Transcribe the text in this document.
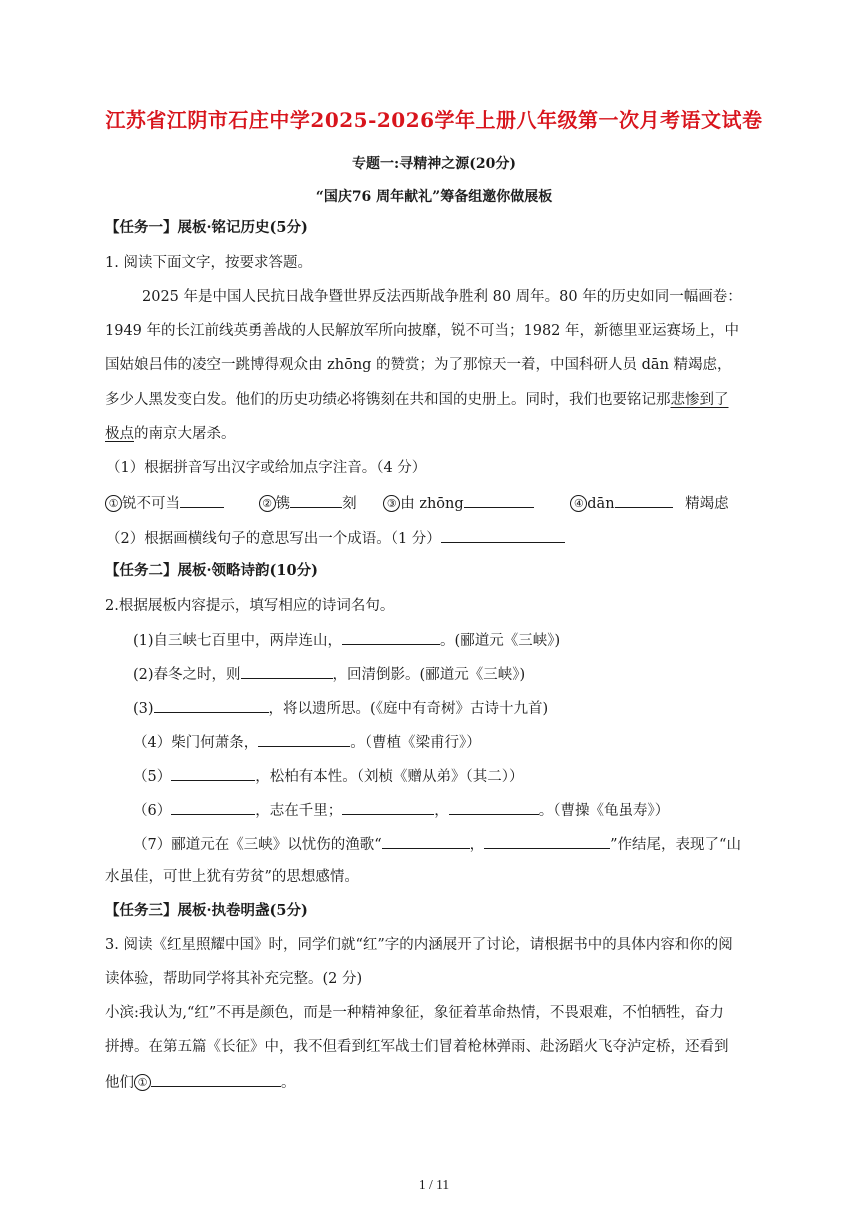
江苏省江阴市石庄中学2025-2026学年上册八年级第一次月考语文试卷
专题一:寻精神之源(20分)
“国庆76 周年献礼”筹备组邀你做展板
【任务一】展板·铭记历史(5分)
1. 阅读下面文字，按要求答题。
2025 年是中国人民抗日战争暨世界反法西斯战争胜利 80 周年。80 年的历史如同一幅画卷：
1949 年的长江前线英勇善战的人民解放军所向披靡，锐不可当；1982 年，新德里亚运赛场上，中
国姑娘吕伟的凌空一跳博得观众由 zhōng 的赞赏；为了那惊天一着，中国科研人员 dān 精竭虑，
多少人黑发变白发。他们的历史功绩必将镌刻在共和国的史册上。同时，我们也要铭记那悲惨到了
极点的南京大屠杀。
（1）根据拼音写出汉字或给加点字注音。（4 分）
① 锐不可当	② 镌	刻	③ 由 zhōng	④ dān	精竭虑
（2）根据画横线句子的意思写出一个成语。（1 分）
【任务二】展板·领略诗韵(10分)
2.根据展板内容提示，填写相应的诗词名句。
(1)自三峡七百里中，两岸连山，	。(郦道元《三峡》)
(2)春冬之时，则	，回清倒影。(郦道元《三峡》)
(3)	，将以遗所思。(《庭中有奇树》古诗十九首)
（4）柴门何萧条，	。（曹植《梁甫行》）
（5）	，松柏有本性。（刘桢《赠从弟》（其二））
（6）	，志在千里；	，	。（曹操《龟虽寿》）
（7）郦道元在《三峡》以忧伤的渔歌“	，	”作结尾，表现了“山
水虽佳，可世上犹有劳贫”的思想感情。
【任务三】展板·执卷明盏(5分)
3. 阅读《红星照耀中国》时，同学们就“红”字的内涵展开了讨论，请根据书中的具体内容和你的阅
读体验，帮助同学将其补充完整。(2 分)
小滨:我认为,“红”不再是颜色，而是一种精神象征，象征着革命热情，不畏艰难，不怕牺牲，奋力
拼搏。在第五篇《长征》中，我不但看到红军战士们冒着枪林弹雨、赴汤蹈火飞夺泸定桥，还看到
他们 ①	。
1 / 11
